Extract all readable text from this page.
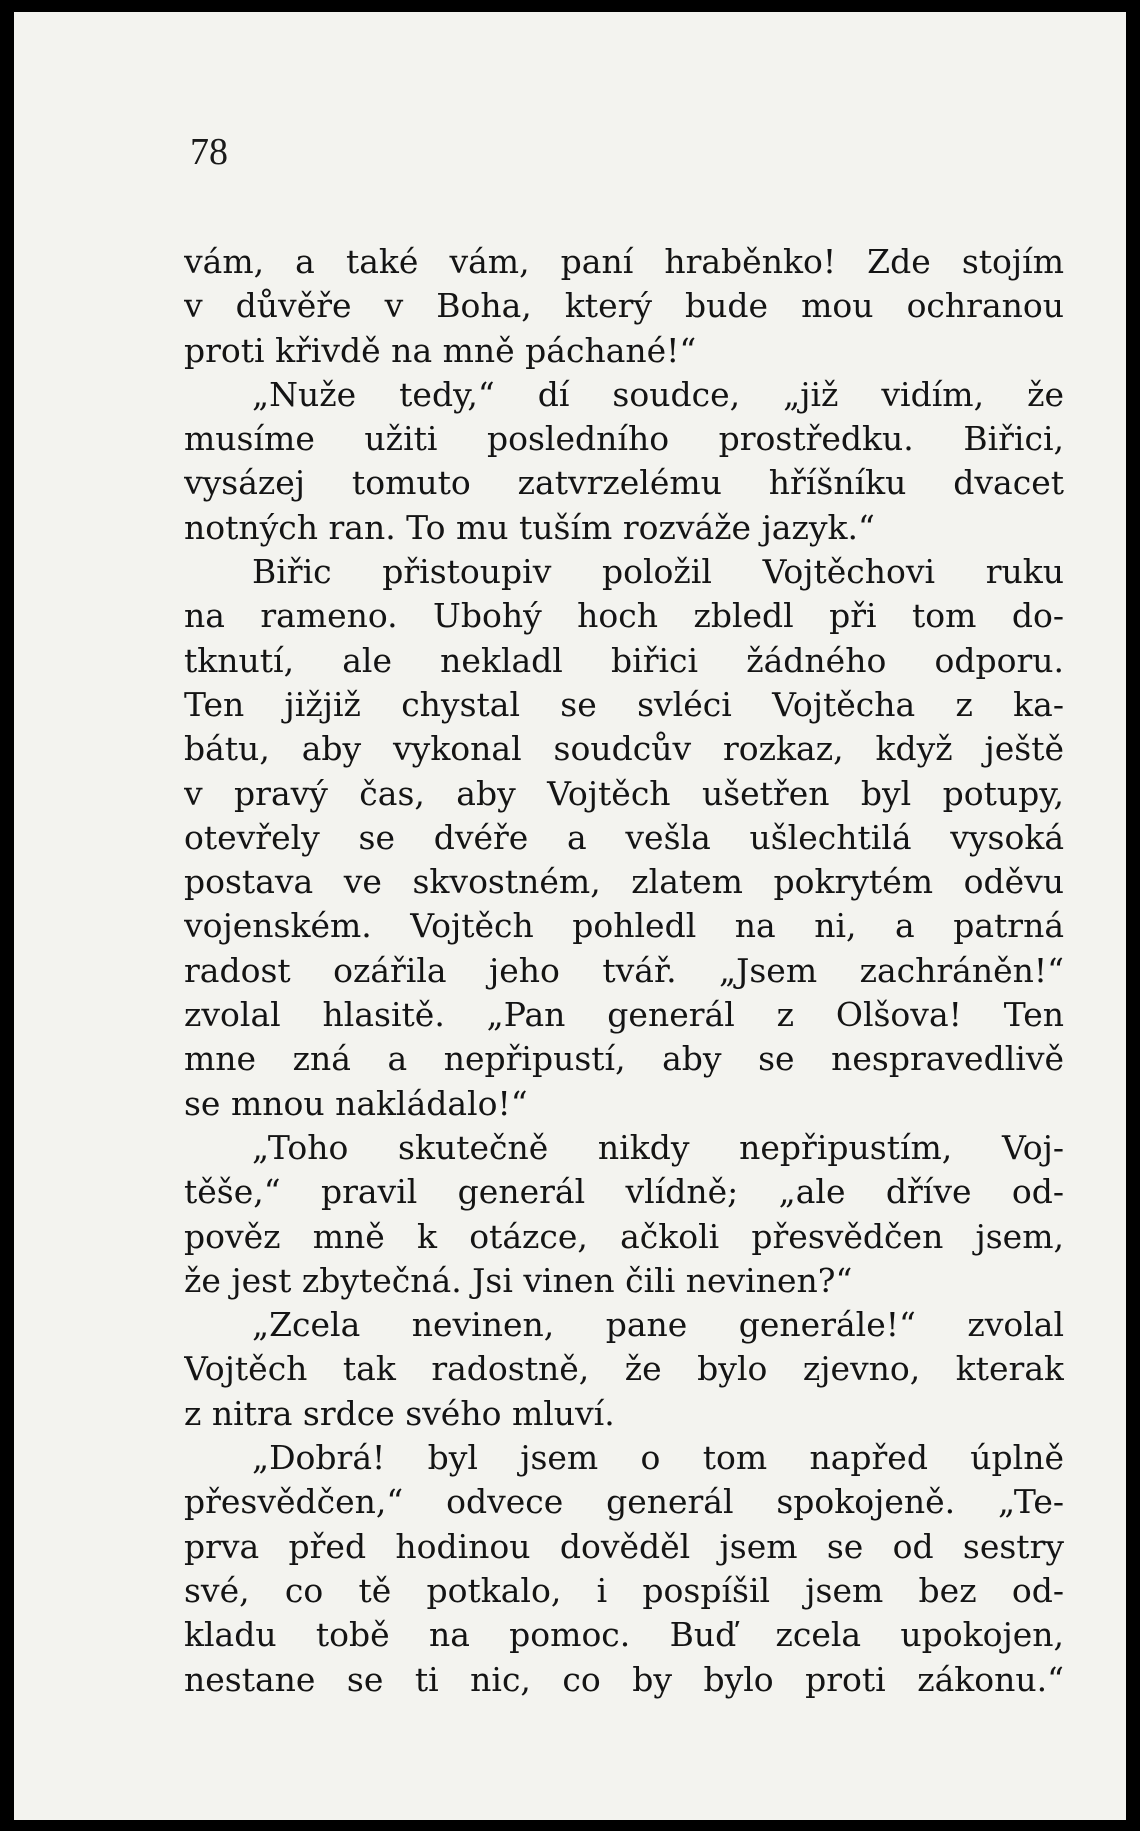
78
vám, a také vám, paní hraběnko! Zde stojím
v důvěře v Boha, který bude mou ochranou
proti křivdě na mně páchané!“
„Nuže tedy,“ dí soudce, „již vidím, že
musíme užiti posledního prostředku. Biřici,
vysázej tomuto zatvrzelému hříšníku dvacet
notných ran. To mu tuším rozváže jazyk.“
Biřic přistoupiv položil Vojtěchovi ruku
na rameno. Ubohý hoch zbledl při tom do-
tknutí, ale nekladl biřici žádného odporu.
Ten jižjiž chystal se svléci Vojtěcha z ka-
bátu, aby vykonal soudcův rozkaz, když ještě
v pravý čas, aby Vojtěch ušetřen byl potupy,
otevřely se dvéře a vešla ušlechtilá vysoká
postava ve skvostném, zlatem pokrytém oděvu
vojenském. Vojtěch pohledl na ni, a patrná
radost ozářila jeho tvář. „Jsem zachráněn!“
zvolal hlasitě. „Pan generál z Olšova! Ten
mne zná a nepřipustí, aby se nespravedlivě
se mnou nakládalo!“
„Toho skutečně nikdy nepřipustím, Voj-
těše,“ pravil generál vlídně; „ale dříve od-
pověz mně k otázce, ačkoli přesvědčen jsem,
že jest zbytečná. Jsi vinen čili nevinen?“
„Zcela nevinen, pane generále!“ zvolal
Vojtěch tak radostně, že bylo zjevno, kterak
z nitra srdce svého mluví.
„Dobrá! byl jsem o tom napřed úplně
přesvědčen,“ odvece generál spokojeně. „Te-
prva před hodinou dověděl jsem se od sestry
své, co tě potkalo, i pospíšil jsem bez od-
kladu tobě na pomoc. Buď zcela upokojen,
nestane se ti nic, co by bylo proti zákonu.“
